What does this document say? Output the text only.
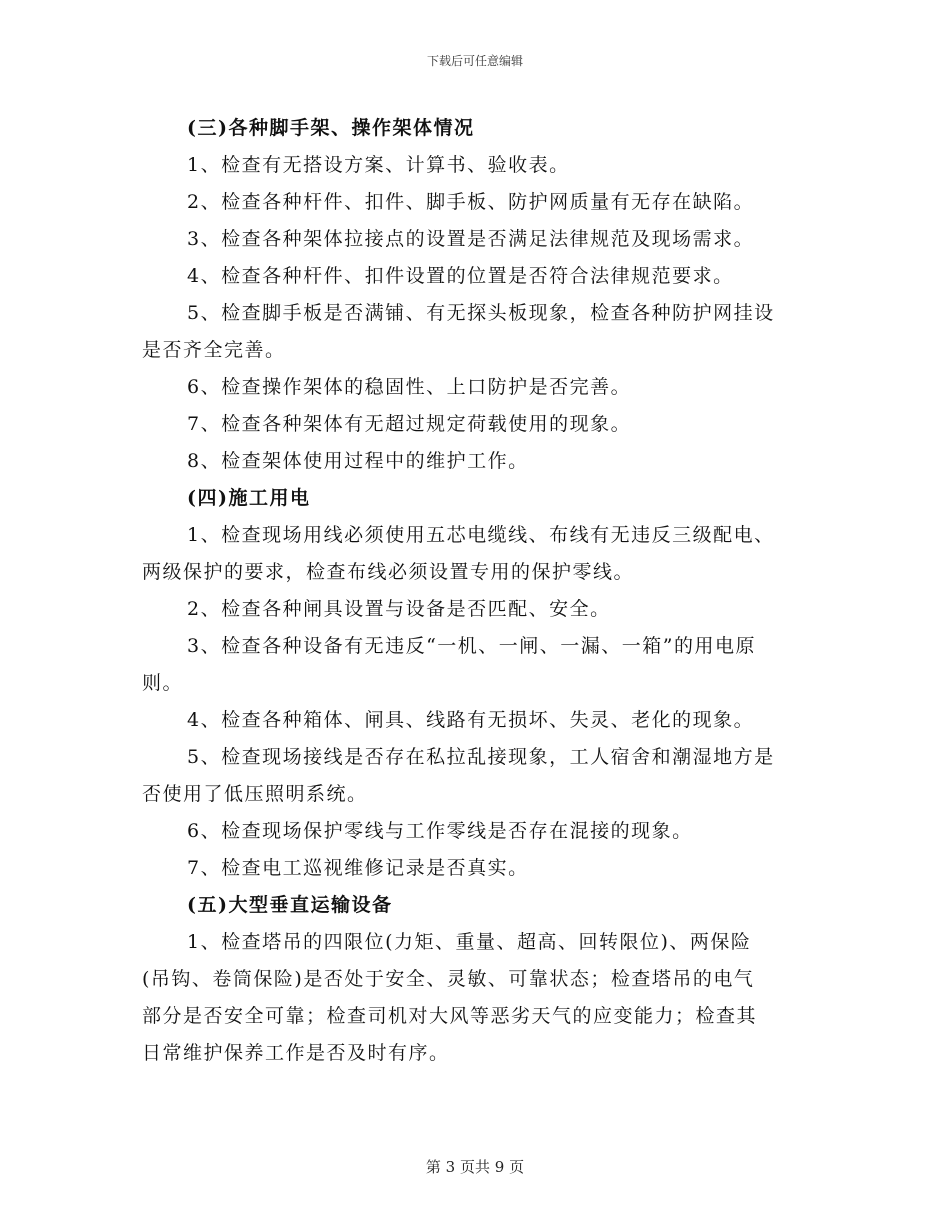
下载后可任意编辑
(三)各种脚手架、操作架体情况
1、检查有无搭设方案、计算书、验收表。
2、检查各种杆件、扣件、脚手板、防护网质量有无存在缺陷。
3、检查各种架体拉接点的设置是否满足法律规范及现场需求。
4、检查各种杆件、扣件设置的位置是否符合法律规范要求。
5、检查脚手板是否满铺、有无探头板现象，检查各种防护网挂设
是否齐全完善。
6、检查操作架体的稳固性、上口防护是否完善。
7、检查各种架体有无超过规定荷载使用的现象。
8、检查架体使用过程中的维护工作。
(四)施工用电
1、检查现场用线必须使用五芯电缆线、布线有无违反三级配电、
两级保护的要求，检查布线必须设置专用的保护零线。
2、检查各种闸具设置与设备是否匹配、安全。
3、检查各种设备有无违反“一机、一闸、一漏、一箱”的用电原
则。
4、检查各种箱体、闸具、线路有无损坏、失灵、老化的现象。
5、检查现场接线是否存在私拉乱接现象，工人宿舍和潮湿地方是
否使用了低压照明系统。
6、检查现场保护零线与工作零线是否存在混接的现象。
7、检查电工巡视维修记录是否真实。
(五)大型垂直运输设备
1、检查塔吊的四限位(力矩、重量、超高、回转限位)、两保险
(吊钩、卷筒保险)是否处于安全、灵敏、可靠状态；检查塔吊的电气
部分是否安全可靠；检查司机对大风等恶劣天气的应变能力；检查其
日常维护保养工作是否及时有序。
第 3 页共 9 页
